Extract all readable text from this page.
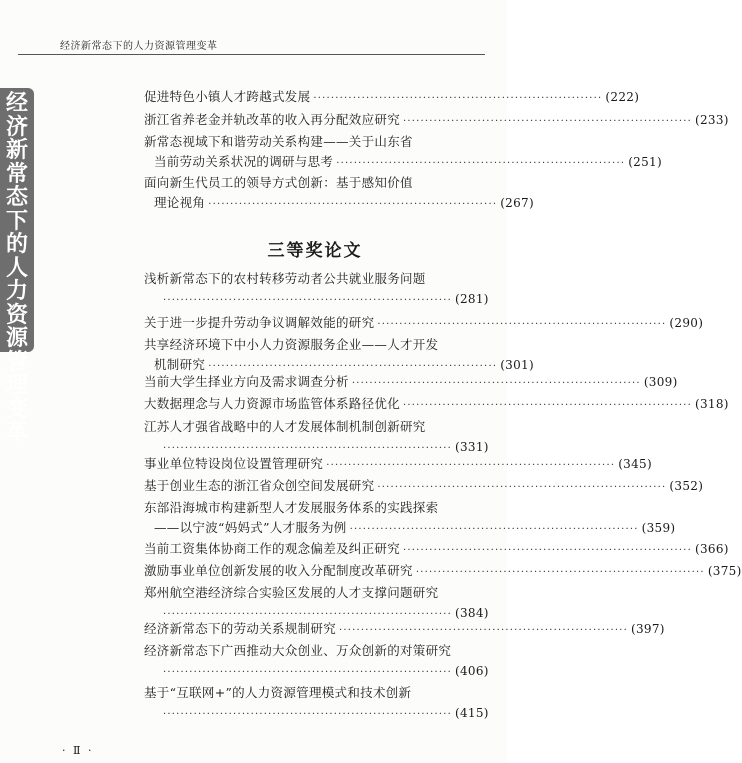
经济新常态下的人力资源管理变革
经
济
新
常
态
下
的
人
力
资
源
管
理
变
革
三等奖论文
促进特色小镇人才跨越式发展 ·································································· (222)
浙江省养老金并轨改革的收入再分配效应研究 ·································································· (233)
新常态视域下和谐劳动关系构建——关于山东省
当前劳动关系状况的调研与思考 ·································································· (251)
面向新生代员工的领导方式创新：基于感知价值
理论视角 ·································································· (267)
浅析新常态下的农村转移劳动者公共就业服务问题
·································································· (281)
关于进一步提升劳动争议调解效能的研究 ·································································· (290)
共享经济环境下中小人力资源服务企业——人才开发
机制研究 ·································································· (301)
当前大学生择业方向及需求调查分析 ·································································· (309)
大数据理念与人力资源市场监管体系路径优化 ·································································· (318)
江苏人才强省战略中的人才发展体制机制创新研究
·································································· (331)
事业单位特设岗位设置管理研究 ·································································· (345)
基于创业生态的浙江省众创空间发展研究 ·································································· (352)
东部沿海城市构建新型人才发展服务体系的实践探索
——以宁波“妈妈式”人才服务为例 ·································································· (359)
当前工资集体协商工作的观念偏差及纠正研究 ·································································· (366)
激励事业单位创新发展的收入分配制度改革研究 ·································································· (375)
郑州航空港经济综合实验区发展的人才支撑问题研究
·································································· (384)
经济新常态下的劳动关系规制研究 ·································································· (397)
经济新常态下广西推动大众创业、万众创新的对策研究
·································································· (406)
基于“互联网+”的人力资源管理模式和技术创新
·································································· (415)
· Ⅱ ·
